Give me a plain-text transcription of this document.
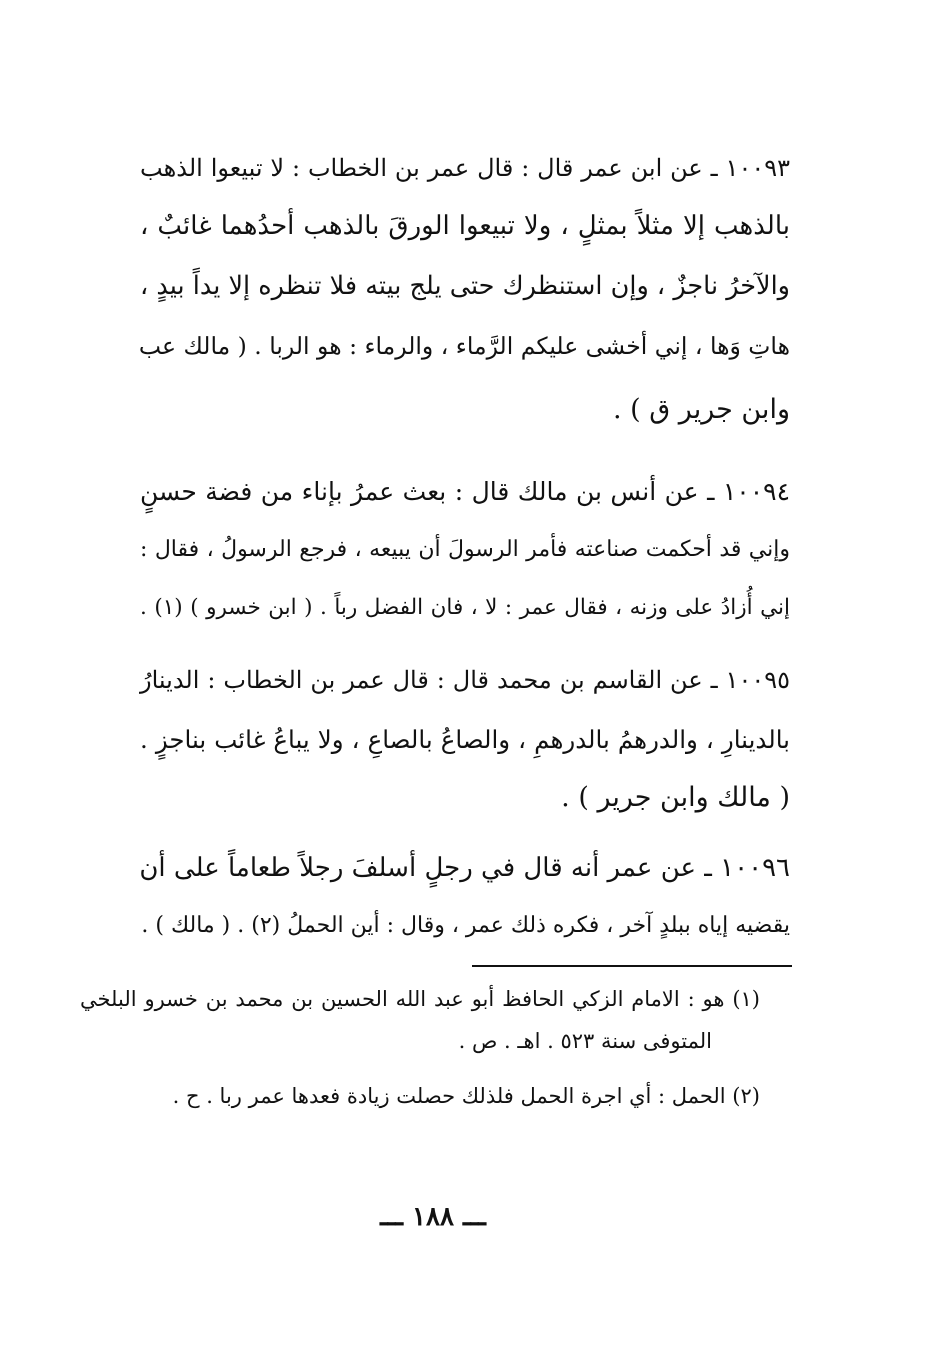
١٠٠٩٣ ـ عن ابن عمر قال : قال عمر بن الخطاب : لا تبيعوا الذهب
بالذهب إلا مثلاً بمثلٍ ، ولا تبيعوا الورقَ بالذهب أحدُهما غائبٌ ،
والآخرُ ناجزٌ ، وإن استنظرك حتى يلج بيته فلا تنظره إلا يداً بيدٍ ،
هاتِ وَها ، إني أخشى عليكم الرَّماء ، والرماء : هو الربا . ( مالك عب
وابن جرير ق ) .
١٠٠٩٤ ـ عن أنس بن مالك قال : بعث عمرُ بإناء من فضة حسنٍ
وإني قد أحكمت صناعته فأمر الرسولَ أن يبيعه ، فرجع الرسولُ ، فقال :
إني أُزادُ على وزنه ، فقال عمر : لا ، فان الفضل رباً . ( ابن خسرو ) (١) .
١٠٠٩٥ ـ عن القاسم بن محمد قال : قال عمر بن الخطاب : الدينارُ
بالدينارِ ، والدرهمُ بالدرهمِ ، والصاعُ بالصاعِ ، ولا يباعُ غائب بناجزٍ .
( مالك وابن جرير ) .
١٠٠٩٦ ـ عن عمر أنه قال في رجلٍ أسلفَ رجلاً طعاماً على أن
يقضيه إياه ببلدٍ آخر ، فكره ذلك عمر ، وقال : أين الحملُ (٢) . ( مالك ) .
(١) هو : الامام الزكي الحافظ أبو عبد الله الحسين بن محمد بن خسرو البلخي
المتوفى سنة ٥٢٣ . اهـ . ص .
(٢) الحمل : أي اجرة الحمل فلذلك حصلت زيادة فعدها عمر ربا . ح .
ـــ ١٨٨ ـــ
